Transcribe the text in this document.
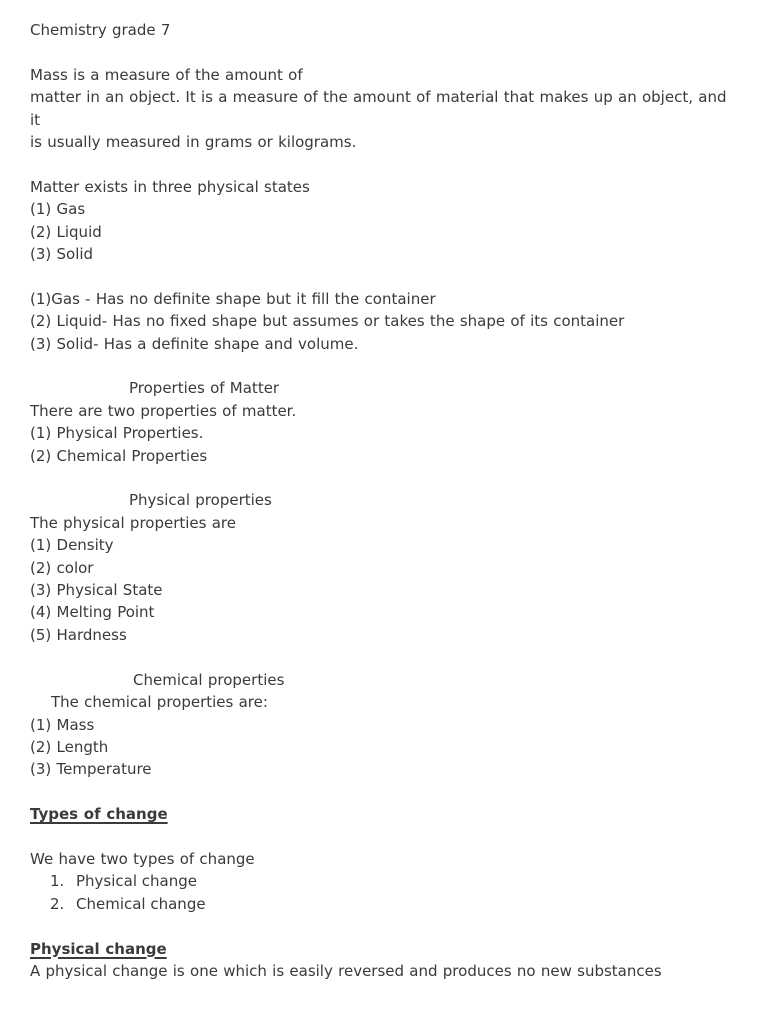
Chemistry grade 7
Mass is a measure of the amount of
matter in an object. It is a measure of the amount of material that makes up an object, and it
is usually measured in grams or kilograms.
Matter exists in three physical states
(1) Gas
(2) Liquid
(3) Solid
(1)Gas - Has no definite shape but it fill the container
(2) Liquid- Has no fixed shape but assumes or takes the shape of its container
(3) Solid- Has a definite shape and volume.
Properties of Matter
There are two properties of matter.
(1) Physical Properties.
(2) Chemical Properties
Physical properties
The physical properties are
(1) Density
(2) color
(3) Physical State
(4) Melting Point
(5) Hardness
Chemical properties
The chemical properties are:
(1) Mass
(2) Length
(3) Temperature
Types of change
We have two types of change
1. Physical change
2. Chemical change
Physical change
A physical change is one which is easily reversed and produces no new substances
